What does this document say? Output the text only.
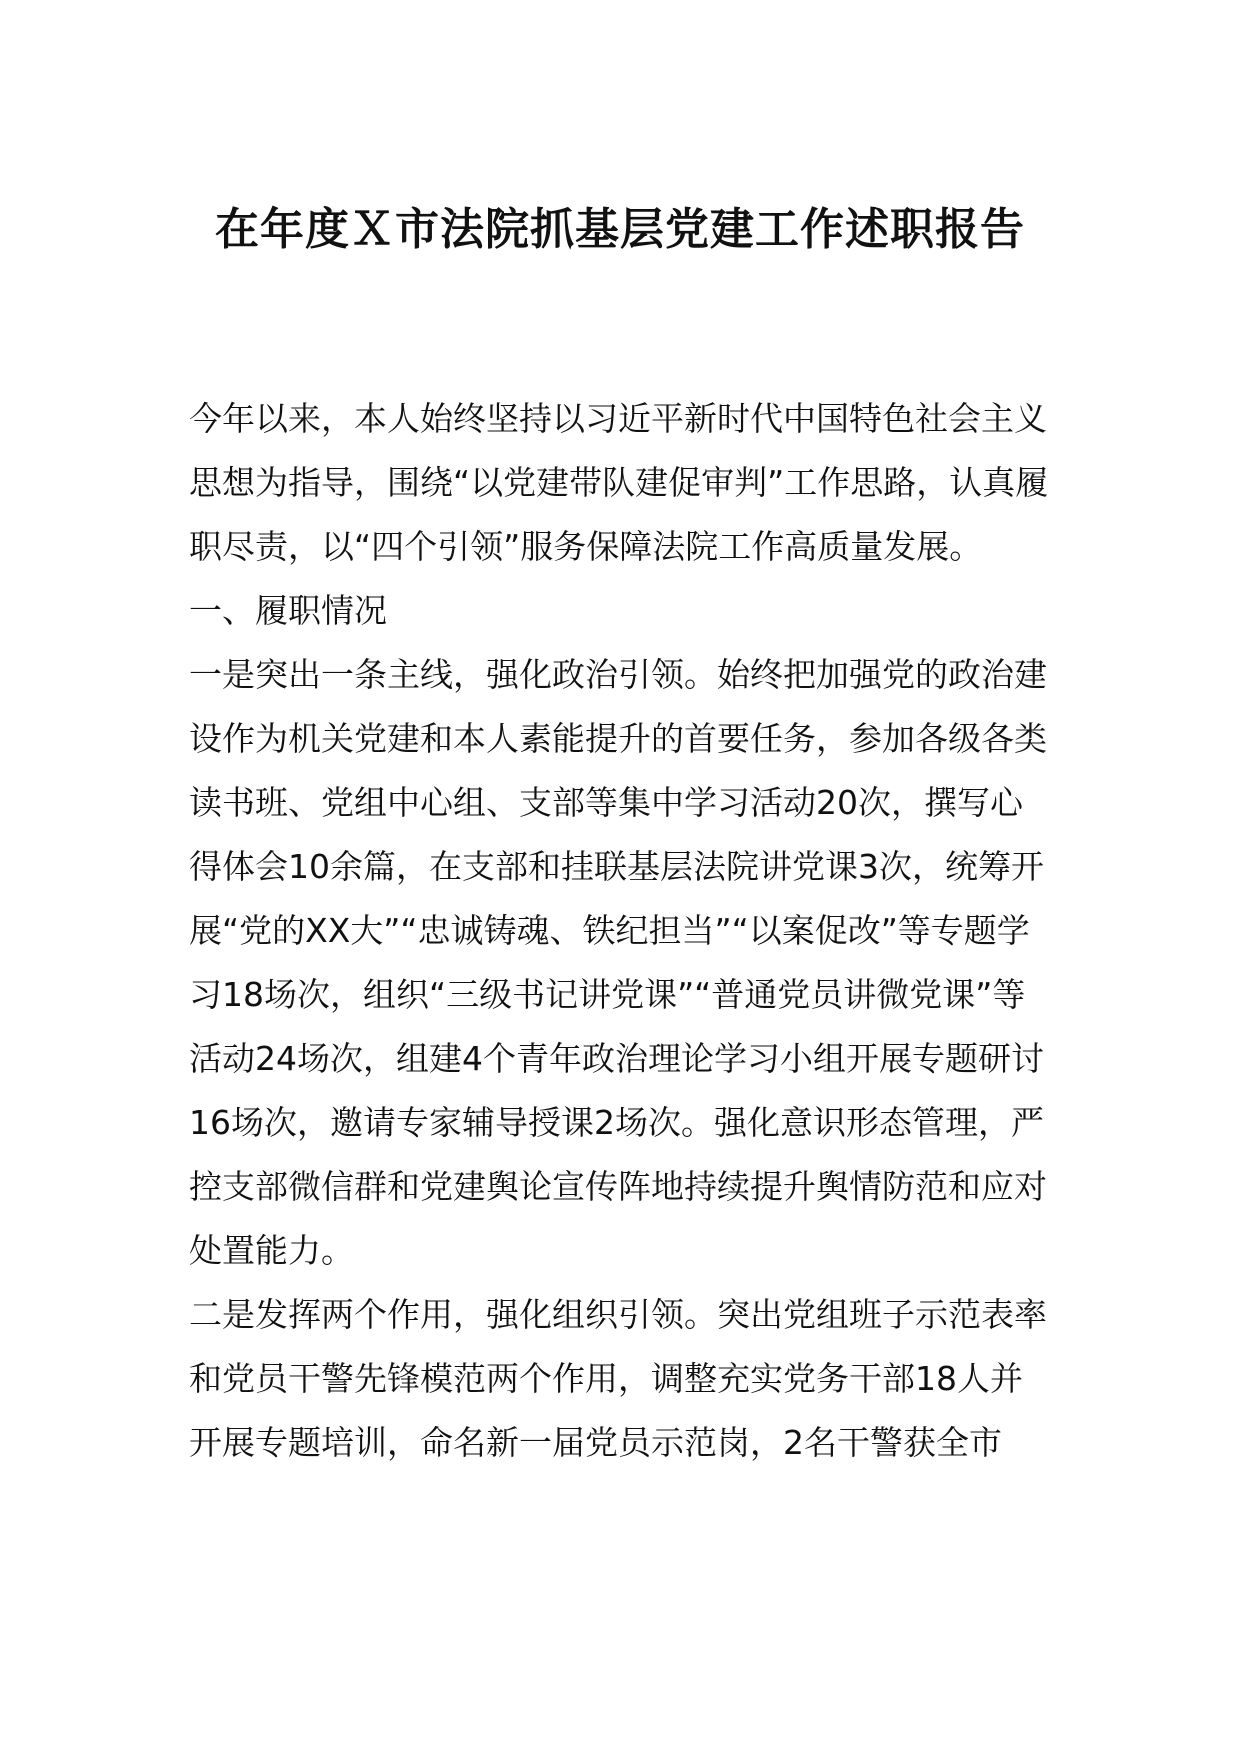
在年度Ｘ市法院抓基层党建工作述职报告

今年以来，本人始终坚持以习近平新时代中国特色社会主义思想为指导，围绕“以党建带队建促审判”工作思路，认真履职尽责，以“四个引领”服务保障法院工作高质量发展。

一、履职情况

一是突出一条主线，强化政治引领。始终把加强党的政治建设作为机关党建和本人素能提升的首要任务，参加各级各类读书班、党组中心组、支部等集中学习活动20次，撰写心得体会10余篇，在支部和挂联基层法院讲党课3次，统筹开展“党的XX大”“忠诚铸魂、铁纪担当”“以案促改”等专题学习18场次，组织“三级书记讲党课”“普通党员讲微党课”等活动24场次，组建4个青年政治理论学习小组开展专题研讨16场次，邀请专家辅导授课2场次。强化意识形态管理，严控支部微信群和党建舆论宣传阵地持续提升舆情防范和应对处置能力。

二是发挥两个作用，强化组织引领。突出党组班子示范表率和党员干警先锋模范两个作用，调整充实党务干部18人并开展专题培训，命名新一届党员示范岗，2名干警获全市
